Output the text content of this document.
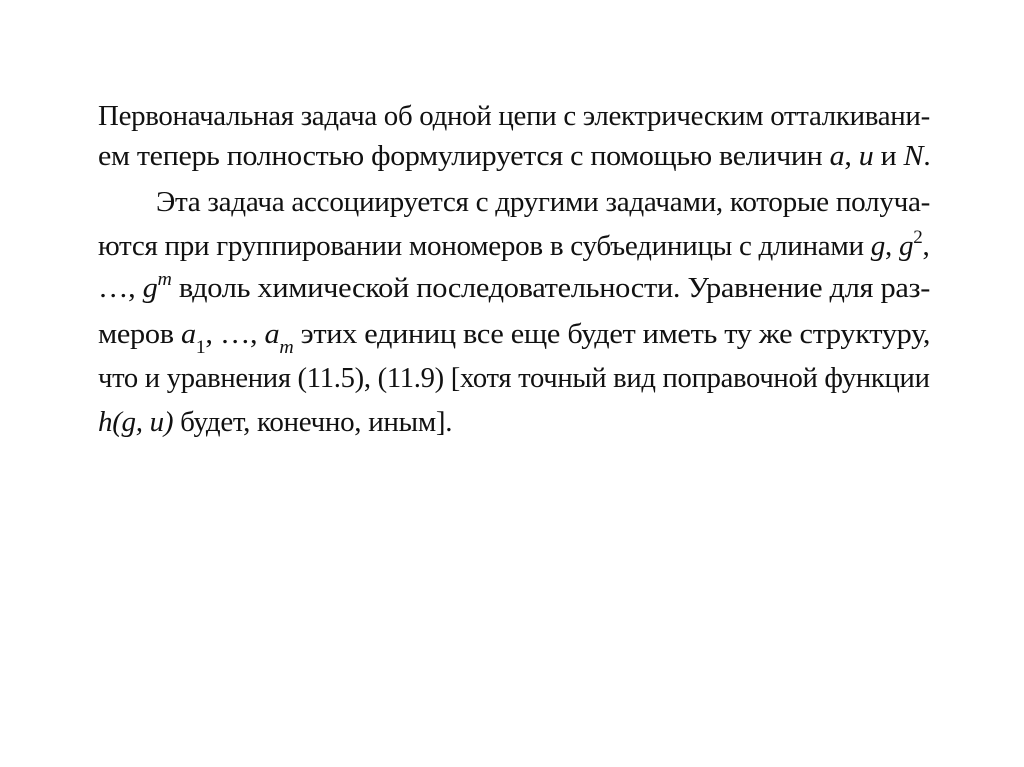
Первоначальная задача об одной цепи с электрическим отталкивани-
ем теперь полностью формулируется с помощью величин a, u и N.
Эта задача ассоциируется с другими задачами, которые получа-
ются при группировании мономеров в субъединицы с длинами g, $g^2$,
…, $g^m$ вдоль химической последовательности. Уравнение для раз-
меров $a_1$, …, $a_m$ этих единиц все еще будет иметь ту же структуру,
что и уравнения (11.5), (11.9) [хотя точный вид поправочной функции
h(g, u) будет, конечно, иным].
